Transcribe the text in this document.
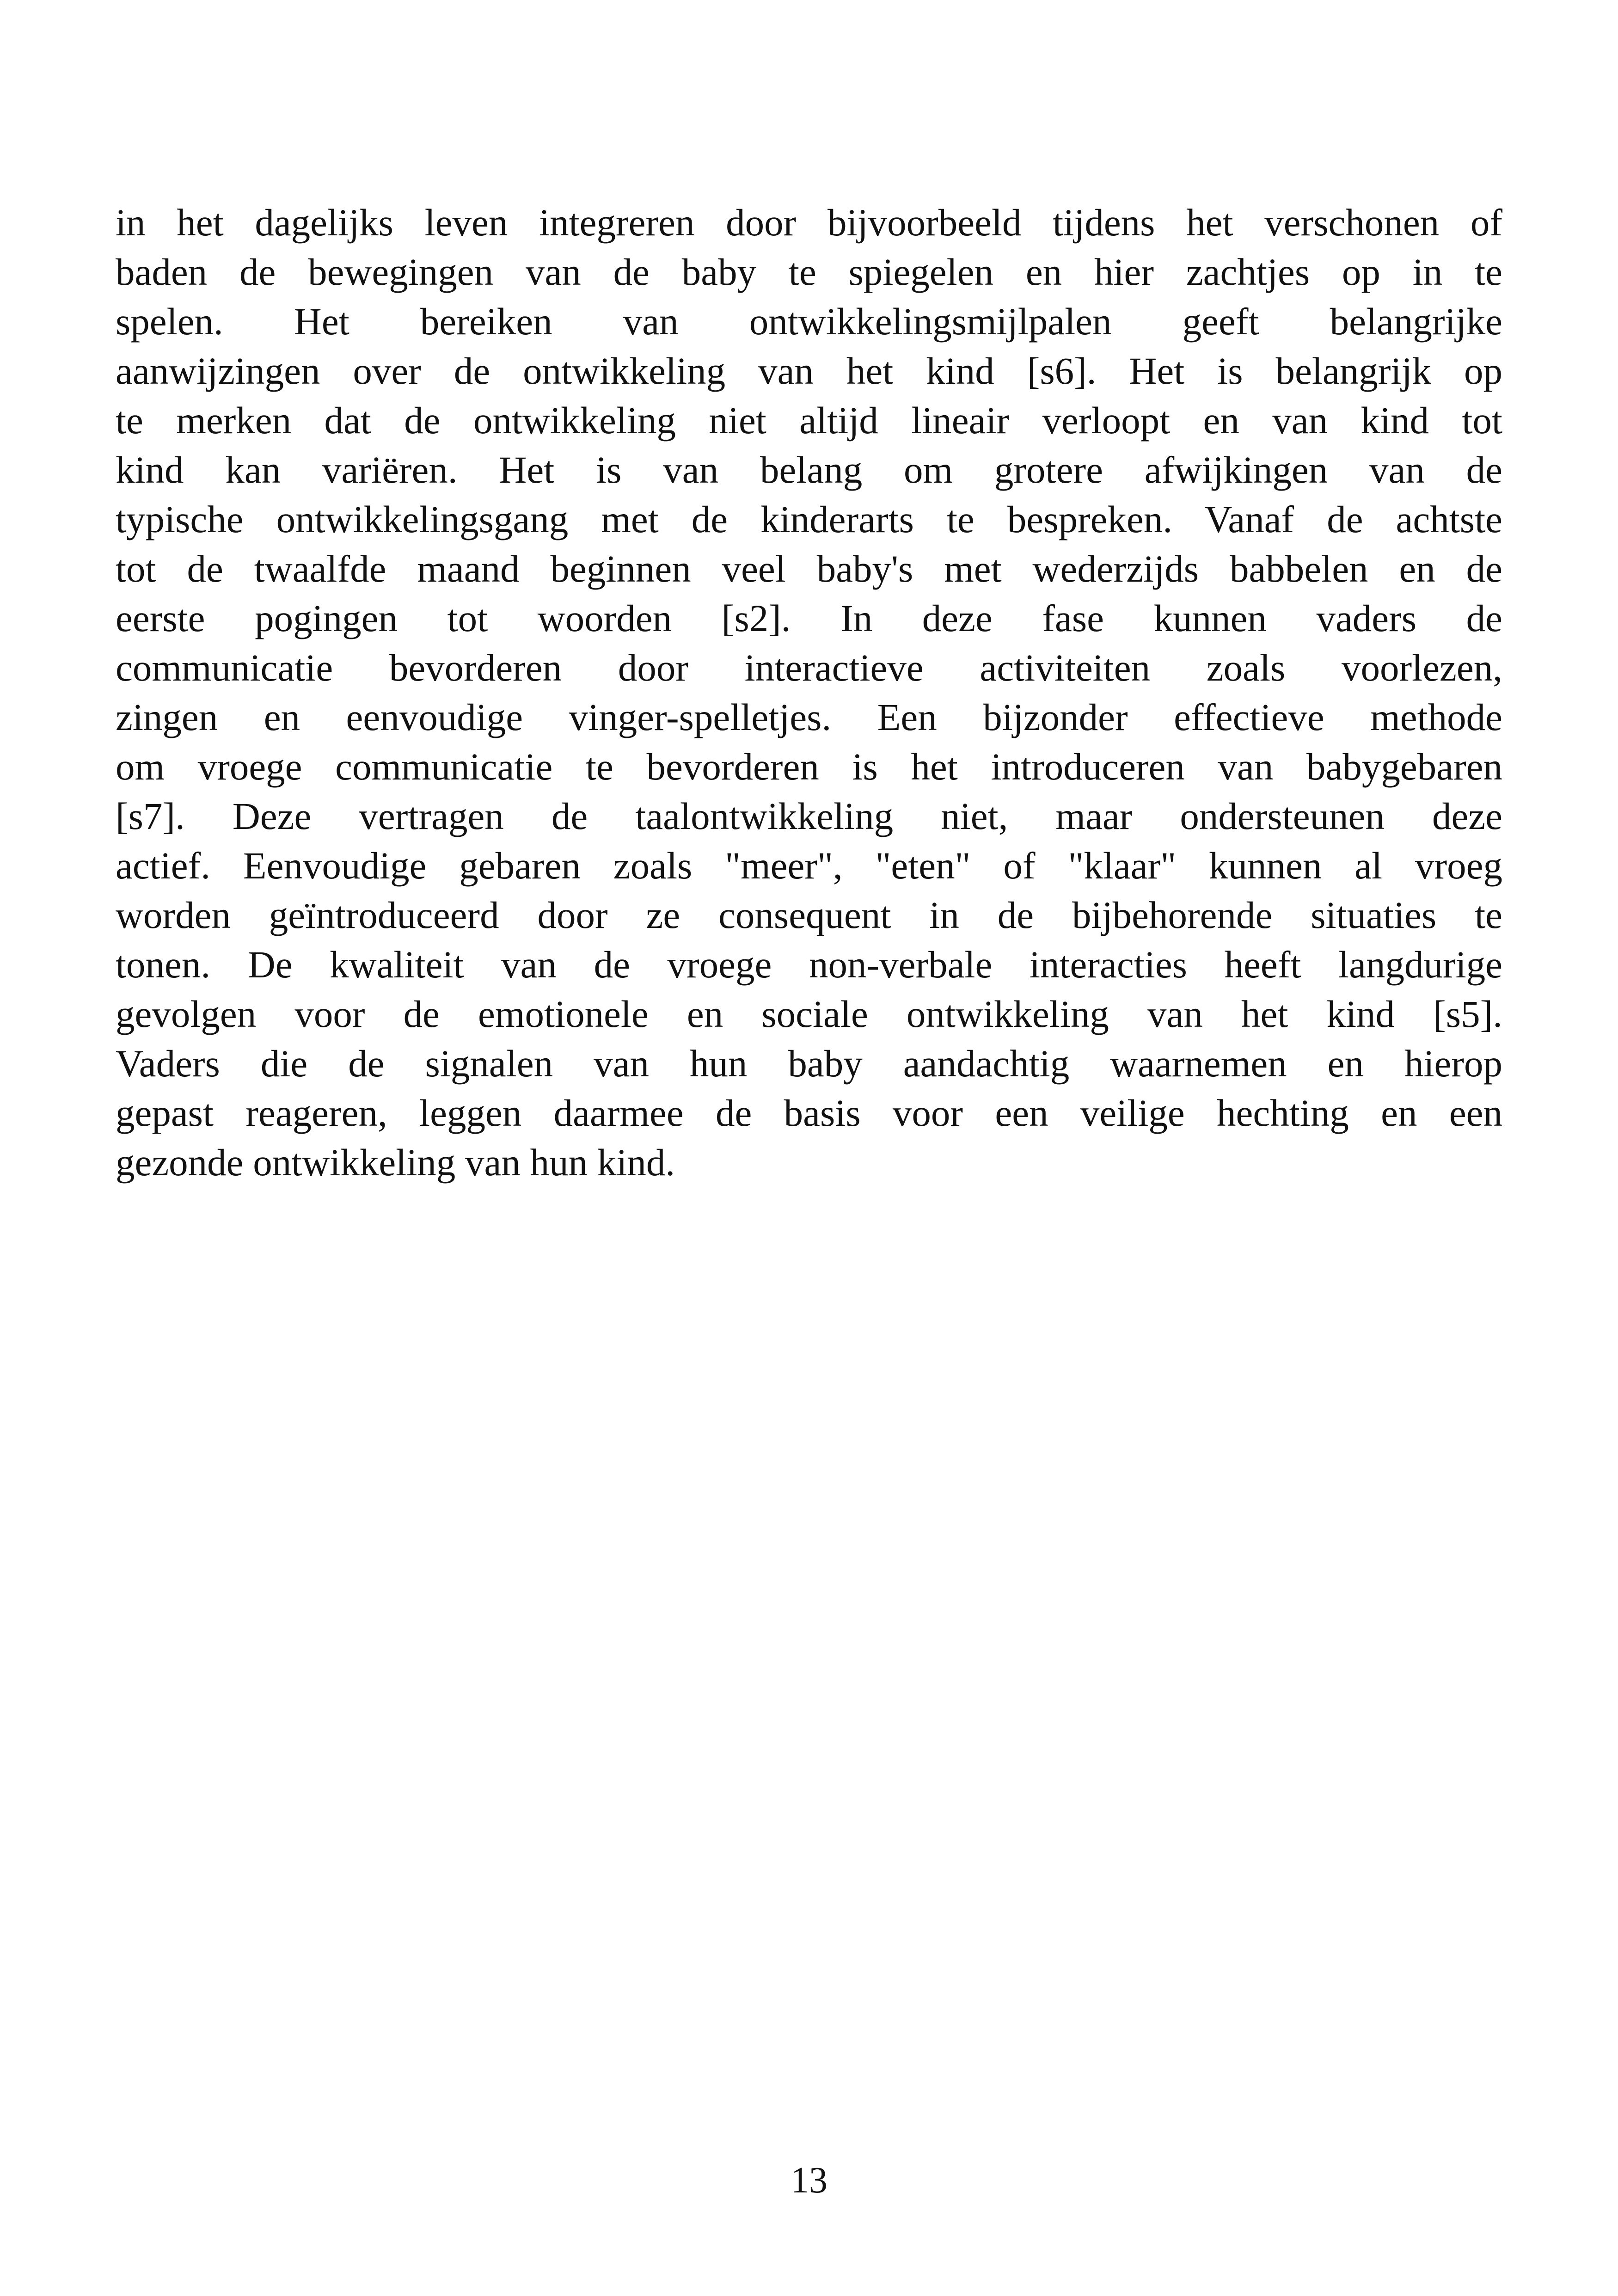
in het dagelijks leven integreren door bijvoorbeeld tijdens het verschonen of
baden de bewegingen van de baby te spiegelen en hier zachtjes op in te
spelen. Het bereiken van ontwikkelingsmijlpalen geeft belangrijke
aanwijzingen over de ontwikkeling van het kind [s6]. Het is belangrijk op
te merken dat de ontwikkeling niet altijd lineair verloopt en van kind tot
kind kan variëren. Het is van belang om grotere afwijkingen van de
typische ontwikkelingsgang met de kinderarts te bespreken. Vanaf de achtste
tot de twaalfde maand beginnen veel baby's met wederzijds babbelen en de
eerste pogingen tot woorden [s2]. In deze fase kunnen vaders de
communicatie bevorderen door interactieve activiteiten zoals voorlezen,
zingen en eenvoudige vinger-spelletjes. Een bijzonder effectieve methode
om vroege communicatie te bevorderen is het introduceren van babygebaren
[s7]. Deze vertragen de taalontwikkeling niet, maar ondersteunen deze
actief. Eenvoudige gebaren zoals "meer", "eten" of "klaar" kunnen al vroeg
worden geïntroduceerd door ze consequent in de bijbehorende situaties te
tonen. De kwaliteit van de vroege non-verbale interacties heeft langdurige
gevolgen voor de emotionele en sociale ontwikkeling van het kind [s5].
Vaders die de signalen van hun baby aandachtig waarnemen en hierop
gepast reageren, leggen daarmee de basis voor een veilige hechting en een
gezonde ontwikkeling van hun kind.
13
